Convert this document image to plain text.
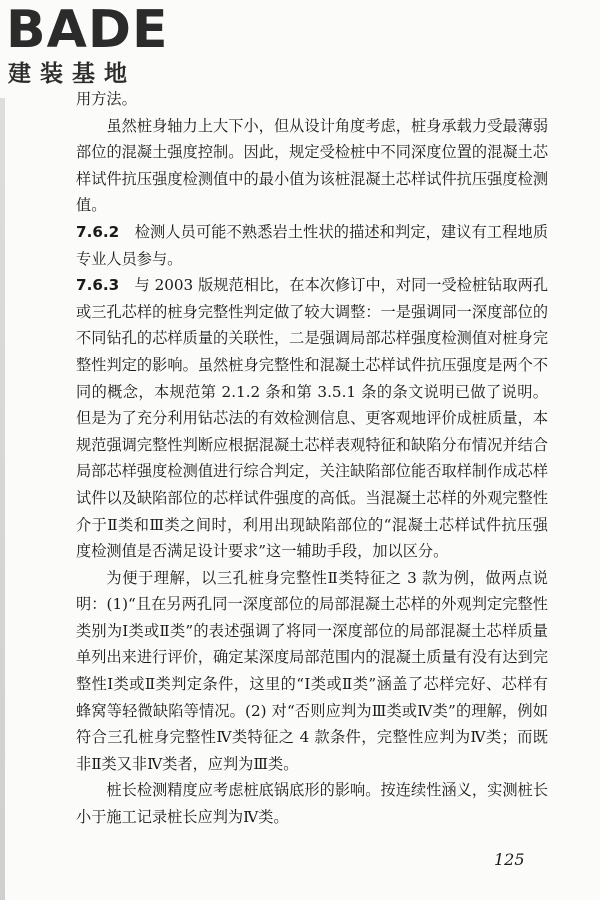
BADE
建装基地

用方法。

虽然桩身轴力上大下小，但从设计角度考虑，桩身承载力受最薄弱部位的混凝土强度控制。因此，规定受检桩中不同深度位置的混凝土芯样试件抗压强度检测值中的最小值为该桩混凝土芯样试件抗压强度检测值。

7.6.2　 检测人员可能不熟悉岩土性状的描述和判定，建议有工程地质专业人员参与。

7.6.3　 与 2003 版规范相比，在本次修订中，对同一受检桩钻取两孔或三孔芯样的桩身完整性判定做了较大调整：一是强调同一深度部位的不同钻孔的芯样质量的关联性，二是强调局部芯样强度检测值对桩身完整性判定的影响。虽然桩身完整性和混凝土芯样试件抗压强度是两个不同的概念，本规范第 2.1.2 条和第 3.5.1 条的条文说明已做了说明。但是为了充分利用钻芯法的有效检测信息、更客观地评价成桩质量，本规范强调完整性判断应根据混凝土芯样表观特征和缺陷分布情况并结合局部芯样强度检测值进行综合判定，关注缺陷部位能否取样制作成芯样试件以及缺陷部位的芯样试件强度的高低。当混凝土芯样的外观完整性介于Ⅱ类和Ⅲ类之间时，利用出现缺陷部位的“混凝土芯样试件抗压强度检测值是否满足设计要求”这一辅助手段，加以区分。

为便于理解，以三孔桩身完整性Ⅱ类特征之 3 款为例，做两点说明：(1)“且在另两孔同一深度部位的局部混凝土芯样的外观判定完整性类别为Ⅰ类或Ⅱ类”的表述强调了将同一深度部位的局部混凝土芯样质量单列出来进行评价，确定某深度局部范围内的混凝土质量有没有达到完整性Ⅰ类或Ⅱ类判定条件，这里的“Ⅰ类或Ⅱ类”涵盖了芯样完好、芯样有蜂窝等轻微缺陷等情况。(2) 对“否则应判为Ⅲ类或Ⅳ类”的理解，例如符合三孔桩身完整性Ⅳ类特征之 4 款条件，完整性应判为Ⅳ类；而既非Ⅱ类又非Ⅳ类者，应判为Ⅲ类。

桩长检测精度应考虑桩底锅底形的影响。按连续性涵义，实测桩长小于施工记录桩长应判为Ⅳ类。

125
